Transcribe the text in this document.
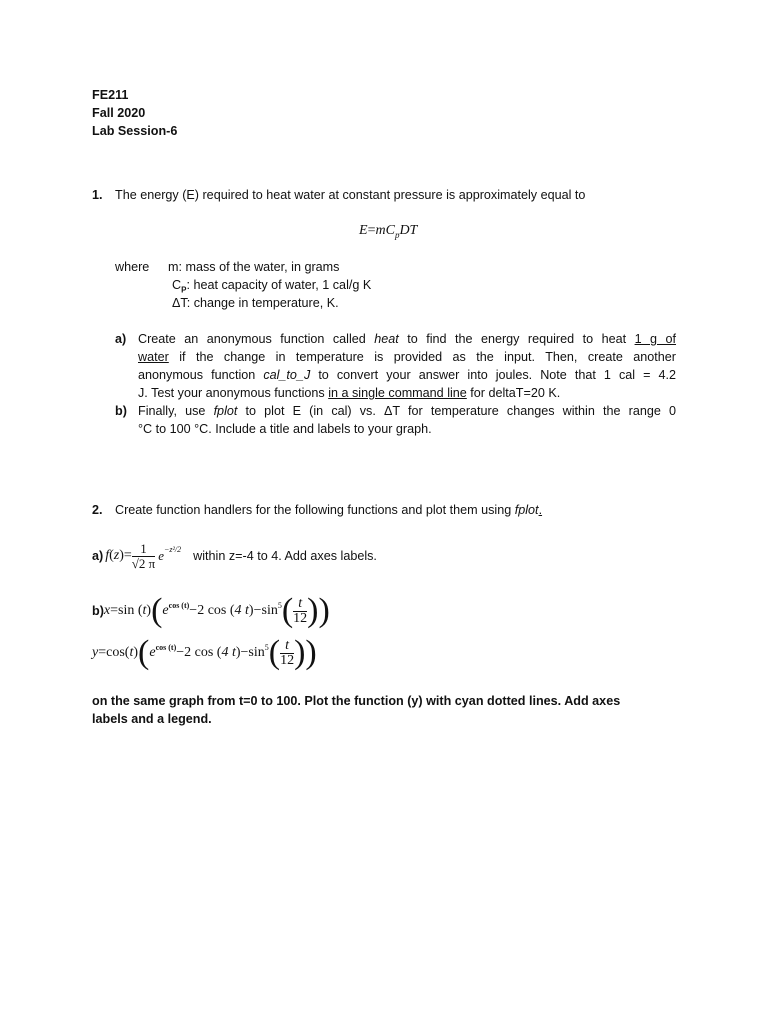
FE211
Fall 2020
Lab Session-6
1. The energy (E) required to heat water at constant pressure is approximately equal to
$E=mC_pDT$
where m: mass of the water, in grams
$C_P$: heat capacity of water, 1 cal/g K
ΔT: change in temperature, K.
a) Create an anonymous function called heat to find the energy required to heat 1 g of
water if the change in temperature is provided as the input. Then, create another
anonymous function cal_to_J to convert your answer into joules. Note that 1 cal = 4.2
J. Test your anonymous functions in a single command line for deltaT=20 K.
b) Finally, use fplot to plot E (in cal) vs. ΔT for temperature changes within the range 0
°C to 100 °C. Include a title and labels to your graph.
2. Create function handlers for the following functions and plot them using fplot.
a) f ( z )= $\frac{1}{√2 \pi} e^{-z^2/2}$ within z=-4 to 4. Add axes labels.
b) x = sin ( t ) ( $e^{cos (t)} -2$ cos ( 4 t ) $-\sin^5$ ( $\frac{t}{12}$ ))
y = cos ( t ) ( $e^{cos (t)} -2$ cos ( 4 t ) $-\sin^5$ ( $\frac{t}{12}$ ))
on the same graph from t=0 to 100. Plot the function (y) with cyan dotted lines. Add axes
labels and a legend.
